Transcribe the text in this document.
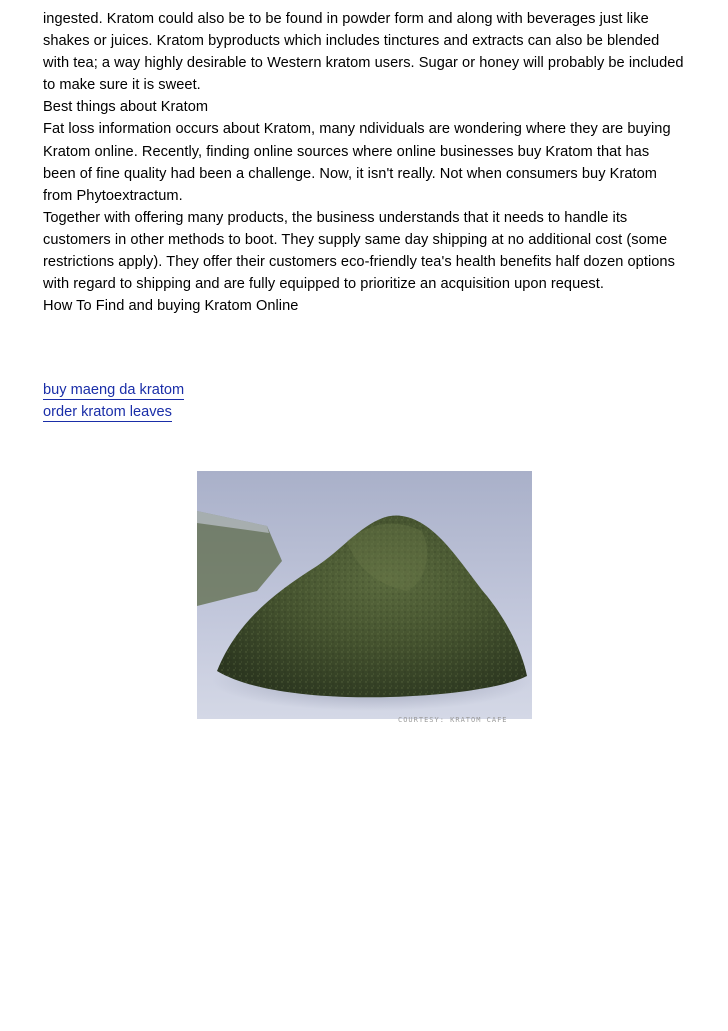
ingested. Kratom could also be to be found in powder form and along with beverages just like
shakes or juices. Kratom byproducts which includes tinctures and extracts can also be blended
with tea; a way highly desirable to Western kratom users. Sugar or honey will probably be included
to make sure it is sweet.
Best things about Kratom
Fat loss information occurs about Kratom, many ndividuals are wondering where they are buying
Kratom online. Recently, finding online sources where online businesses buy Kratom that has
been of fine quality had been a challenge. Now, it isn't really. Not when consumers buy Kratom
from Phytoextractum.
Together with offering many products, the business understands that it needs to handle its
customers in other methods to boot. They supply same day shipping at no additional cost (some
restrictions apply). They offer their customers eco-friendly tea's health benefits half dozen options
with regard to shipping and are fully equipped to prioritize an acquisition upon request.
How To Find and buying Kratom Online
buy maeng da kratom
order kratom leaves
COURTESY: KRATOM CAFE
